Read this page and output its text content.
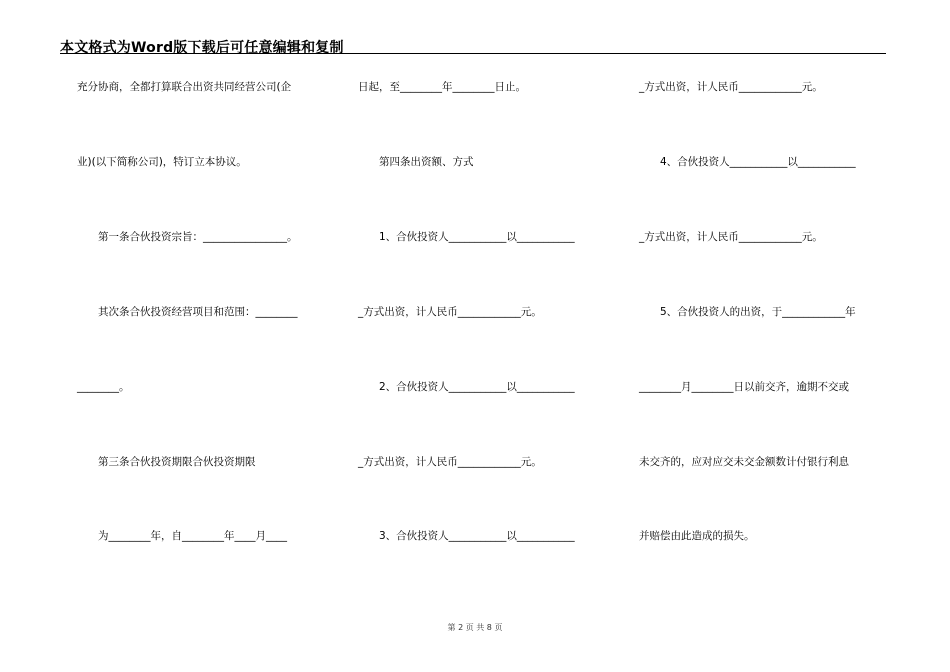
本文格式为Word版下载后可任意编辑和复制
充分协商，全都打算联合出资共同经营公司(企
业)(以下简称公司)，特订立本协议。
　　第一条合伙投资宗旨：________________。
　　其次条合伙投资经营项目和范围：________
________。
　　第三条合伙投资期限合伙投资期限
　　为________年，自________年____月____
日起，至________年________日止。
　　第四条出资额、方式
　　1、合伙投资人___________以___________
_方式出资，计人民币____________元。
　　2、合伙投资人___________以___________
_方式出资，计人民币____________元。
　　3、合伙投资人___________以___________
_方式出资，计人民币____________元。
　　4、合伙投资人___________以___________
_方式出资，计人民币____________元。
　　5、合伙投资人的出资，于____________年
________月________日以前交齐，逾期不交或
未交齐的，应对应交未交金额数计付银行利息
并赔偿由此造成的损失。
第 2 页 共 8 页
